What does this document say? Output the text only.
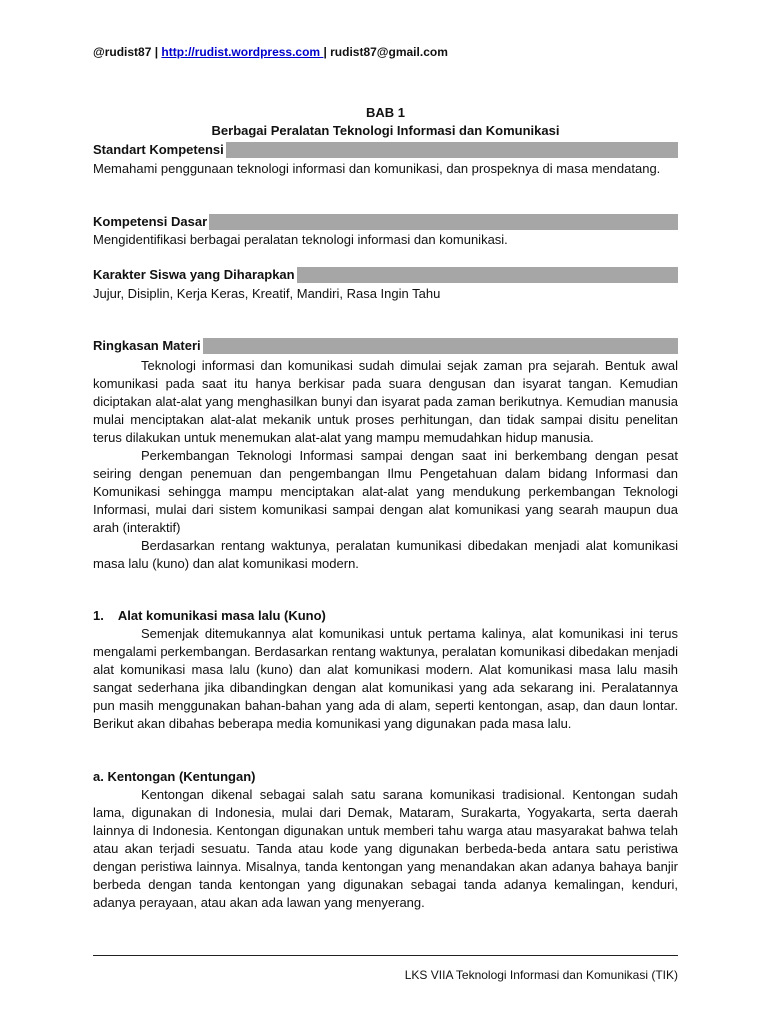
@rudist87 | http://rudist.wordpress.com | rudist87@gmail.com
BAB 1
Berbagai Peralatan Teknologi Informasi dan Komunikasi
Standart Kompetensi
Memahami penggunaan teknologi informasi dan komunikasi, dan prospeknya di masa mendatang.
Kompetensi Dasar
Mengidentifikasi berbagai peralatan teknologi informasi dan komunikasi.
Karakter Siswa yang Diharapkan
Jujur, Disiplin, Kerja Keras, Kreatif, Mandiri, Rasa Ingin Tahu
Ringkasan Materi

Teknologi informasi dan komunikasi sudah dimulai sejak zaman pra sejarah. Bentuk awal komunikasi pada saat itu hanya berkisar pada suara dengusan dan isyarat tangan. Kemudian diciptakan alat-alat yang menghasilkan bunyi dan isyarat pada zaman berikutnya. Kemudian manusia mulai menciptakan alat-alat mekanik untuk proses perhitungan, dan tidak sampai disitu penelitan terus dilakukan untuk menemukan alat-alat yang mampu memudahkan hidup manusia.

Perkembangan Teknologi Informasi sampai dengan saat ini berkembang dengan pesat seiring dengan penemuan dan pengembangan Ilmu Pengetahuan dalam bidang Informasi dan Komunikasi sehingga mampu menciptakan alat-alat yang mendukung perkembangan Teknologi Informasi, mulai dari sistem komunikasi sampai dengan alat komunikasi yang searah maupun dua arah (interaktif)

Berdasarkan rentang waktunya, peralatan kumunikasi dibedakan menjadi alat komunikasi masa lalu (kuno) dan alat komunikasi modern.

1. Alat komunikasi masa lalu (Kuno)

Semenjak ditemukannya alat komunikasi untuk pertama kalinya, alat komunikasi ini terus mengalami perkembangan. Berdasarkan rentang waktunya, peralatan komunikasi dibedakan menjadi alat komunikasi masa lalu (kuno) dan alat komunikasi modern. Alat komunikasi masa lalu masih sangat sederhana jika dibandingkan dengan alat komunikasi yang ada sekarang ini. Peralatannya pun masih menggunakan bahan-bahan yang ada di alam, seperti kentongan, asap, dan daun lontar. Berikut akan dibahas beberapa media komunikasi yang digunakan pada masa lalu.

a. Kentongan (Kentungan)

Kentongan dikenal sebagai salah satu sarana komunikasi tradisional. Kentongan sudah lama, digunakan di Indonesia, mulai dari Demak, Mataram, Surakarta, Yogyakarta, serta daerah lainnya di Indonesia. Kentongan digunakan untuk memberi tahu warga atau masyarakat bahwa telah atau akan terjadi sesuatu. Tanda atau kode yang digunakan berbeda-beda antara satu peristiwa dengan peristiwa lainnya. Misalnya, tanda kentongan yang menandakan akan adanya bahaya banjir berbeda dengan tanda kentongan yang digunakan sebagai tanda adanya kemalingan, kenduri, adanya perayaan, atau akan ada lawan yang menyerang.

LKS VIIA Teknologi Informasi dan Komunikasi (TIK)
